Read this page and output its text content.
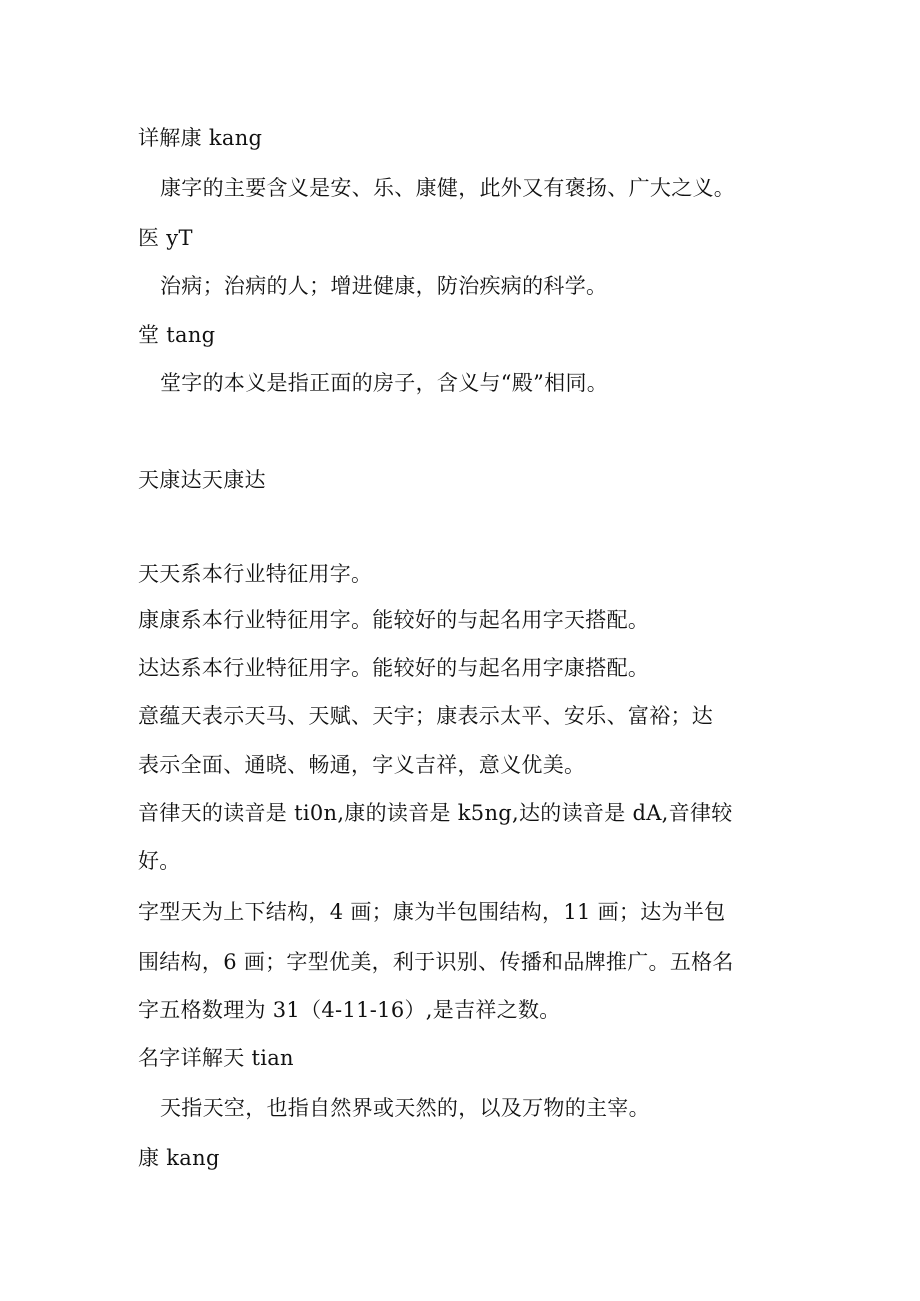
详解康 kang
康字的主要含义是安、乐、康健，此外又有褒扬、广大之义。
医 yT
治病；治病的人；增进健康，防治疾病的科学。
堂 tang
堂字的本义是指正面的房子，含义与“殿”相同。
天康达天康达
天天系本行业特征用字。
康康系本行业特征用字。能较好的与起名用字天搭配。
达达系本行业特征用字。能较好的与起名用字康搭配。
意蕴天表示天马、天赋、天宇；康表示太平、安乐、富裕；达
表示全面、通晓、畅通，字义吉祥，意义优美。
音律天的读音是 ti0n,康的读音是 k5ng,达的读音是 dA,音律较
好。
字型天为上下结构，4 画；康为半包围结构，11 画；达为半包
围结构，6 画；字型优美，利于识别、传播和品牌推广。五格名
字五格数理为 31（4-11-16）,是吉祥之数。
名字详解天 tian
天指天空，也指自然界或天然的，以及万物的主宰。
康 kang
